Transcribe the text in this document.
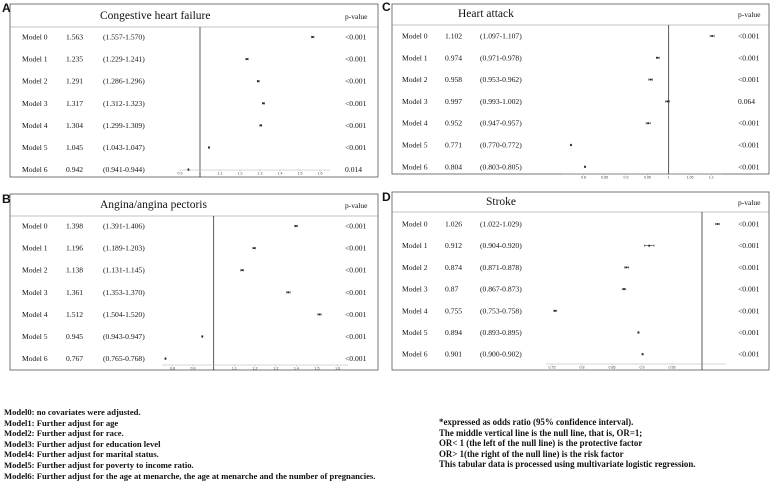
A
Congestive heart failure	p-value
0.9	1	1.1	1.2	1.3	1.4	1.5	1.6
Model 0 1.563	(1.557-1.570)	<0.001
Model 1 1.235	(1.229-1.241)	<0.001
Model 2 1.291	(1.286-1.296)	<0.001
Model 3 1.317	(1.312-1.323)	<0.001
Model 4 1.304	(1.299-1.309)	<0.001
Model 5 1.045	(1.043-1.047)	<0.001
Model 6 0.942	(0.941-0.944)	0.014
B	Angina/angina pectoris	p-value
0.8	0.9	1	1.1	1.2	1.3	1.4	1.5	1.6
Model 0 1.398	(1.391-1.406)	<0.001
Model 1 1.196	(1.189-1.203)	<0.001
Model 2 1.138	(1.131-1.145)	<0.001
Model 3 1.361	(1.353-1.370)	<0.001
Model 4 1.512	(1.504-1.520)	<0.001
Model 5 0.945	(0.943-0.947)	<0.001
Model 6 0.767	(0.765-0.768)	<0.001
C	Heart attack	p-value
0.8	0.85	0.9	0.95	1	1.05	1.1
Model 0 1.102 (1.097-1.107)	<0.001
Model 1 0.974 (0.971-0.978)	<0.001
Model 2 0.958 (0.953-0.962)	<0.001
Model 3 0.997 (0.993-1.002)	0.064
Model 4 0.952 (0.947-0.957)	<0.001
Model 5 0.771 (0.770-0.772)	<0.001
Model 6 0.804 (0.803-0.805)	<0.001
D	Stroke	p-value
0.75	0.8	0.85	0.9	0.95
Model 0 1.026 (1.022-1.029)	<0.001
Model 1 0.912 (0.904-0.920)	<0.001
Model 2 0.874 (0.871-0.878)	<0.001
Model 3 0.87	(0.867-0.873)	<0.001
Model 4 0.755 (0.753-0.758)	<0.001
Model 5 0.894 (0.893-0.895)	<0.001
Model 6 0.901 (0.900-0.902)	<0.001
Model0: no covariates were adjusted.
Model1: Further adjust for age
Model2: Further adjust for race.
Model3: Further adjust for education level
Model4: Further adjust for marital status.
Model5: Further adjust for poverty to income ratio.
Model6: Further adjust for the age at menarche, the age at menarche and the number of pregnancies.
*expressed as odds ratio (95% confidence interval).
The middle vertical line is the null line, that is, OR=1;
OR< 1 (the left of the null line) is the protective factor
OR> 1(the right of the null line) is the risk factor
This tabular data is processed using multivariate logistic regression.
